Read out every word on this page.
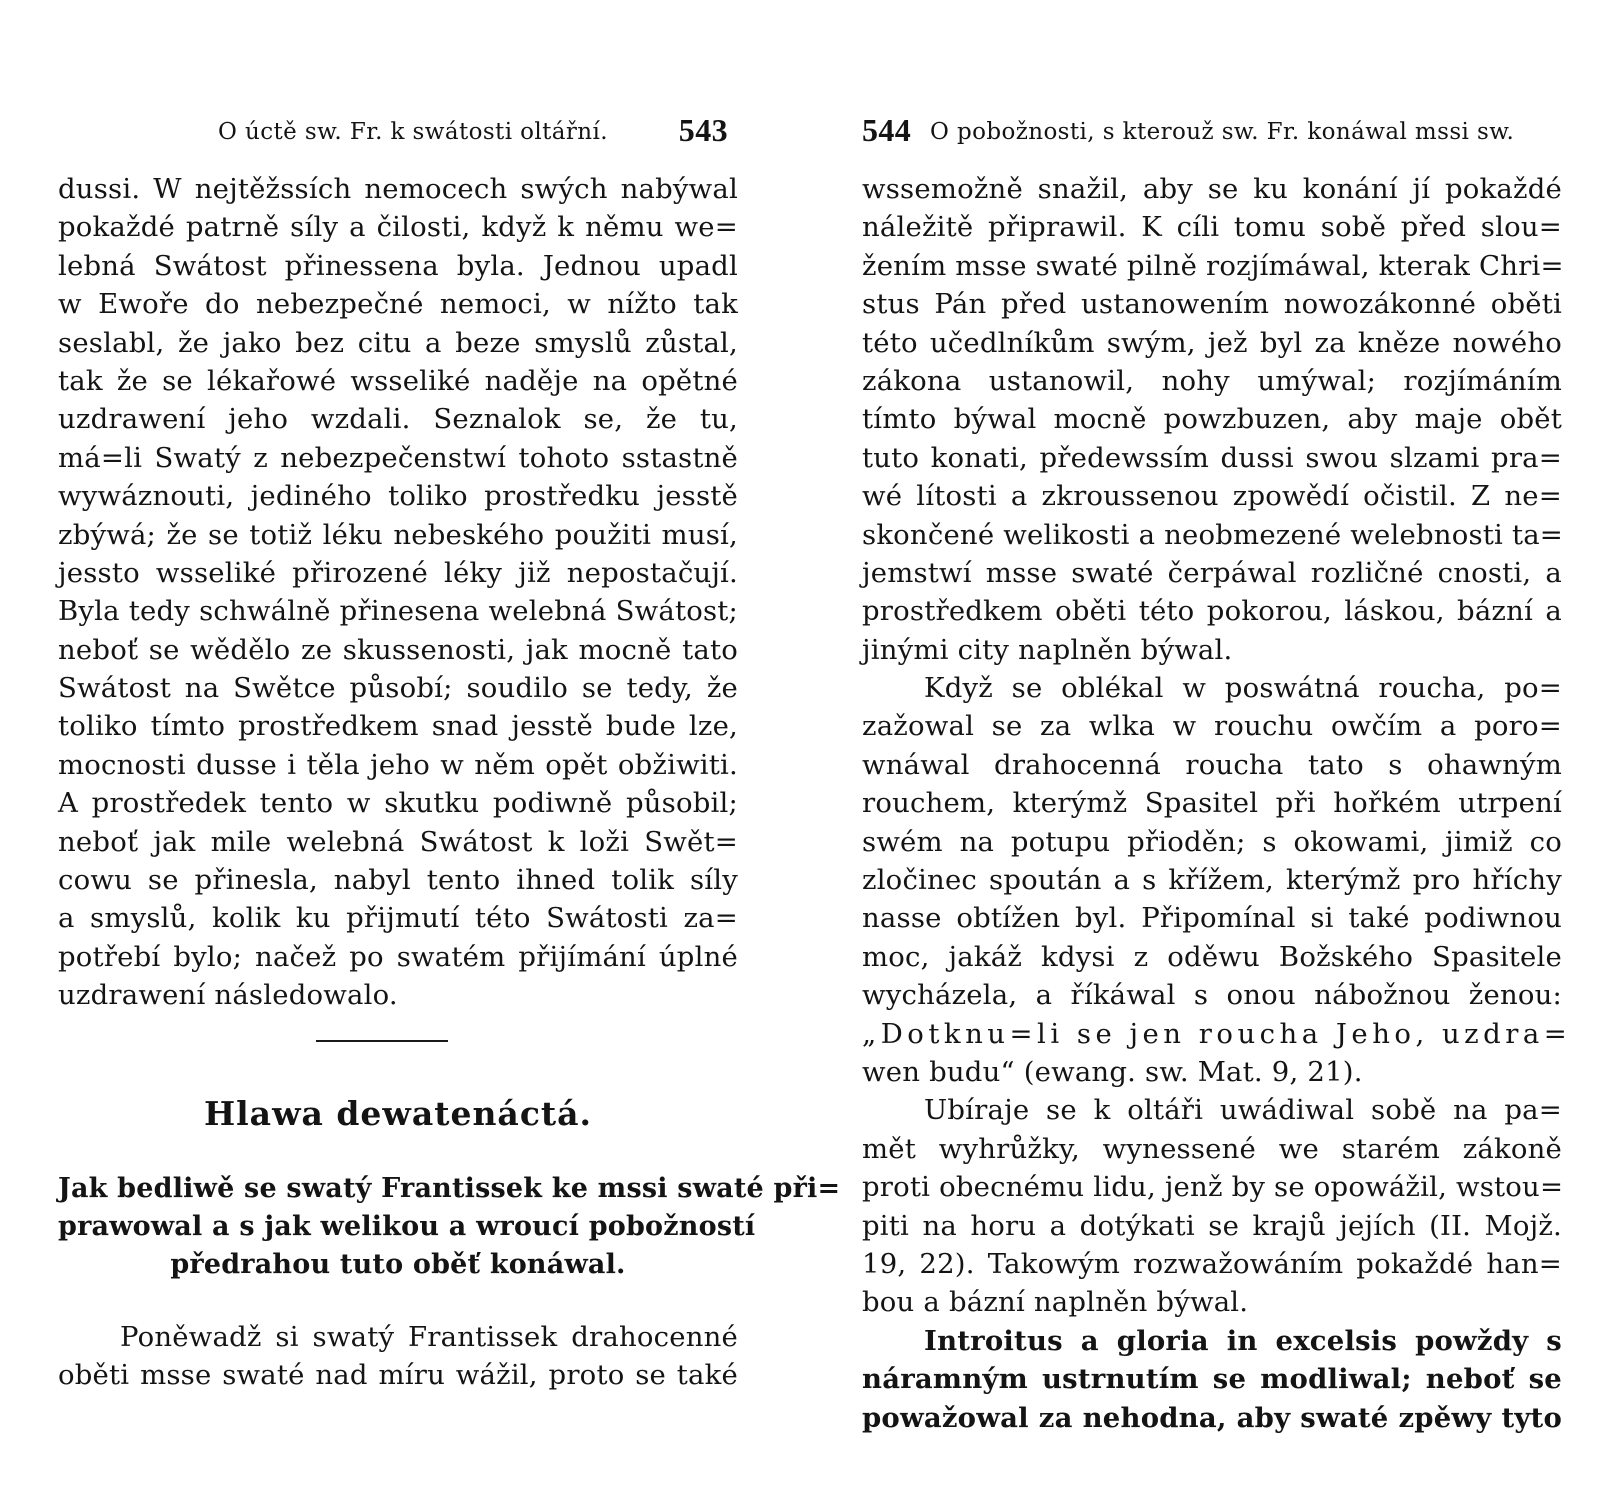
O úctě sw. Fr. k swátosti oltářní. 543
dussi. W nejtěžssích nemocech swých nabýwal
pokaždé patrně síly a čilosti, když k němu we=
lebná Swátost přinessena byla. Jednou upadl
w Ewoře do nebezpečné nemoci, w nížto tak
seslabl, že jako bez citu a beze smyslů zůstal,
tak že se lékařowé wsseliké naděje na opětné
uzdrawení jeho wzdali. Seznalok se, že tu,
má=li Swatý z nebezpečenstwí tohoto sstastně
wywáznouti, jediného toliko prostředku jesstě
zbýwá; že se totiž léku nebeského použiti musí,
jessto wsseliké přirozené léky již nepostačují.
Byla tedy schwálně přinesena welebná Swátost;
neboť se wědělo ze skussenosti, jak mocně tato
Swátost na Swětce působí; soudilo se tedy, že
toliko tímto prostředkem snad jesstě bude lze,
mocnosti dusse i těla jeho w něm opět obžiwiti.
A prostředek tento w skutku podiwně působil;
neboť jak mile welebná Swátost k loži Swět=
cowu se přinesla, nabyl tento ihned tolik síly
a smyslů, kolik ku přijmutí této Swátosti za=
potřebí bylo; načež po swatém přijímání úplné
uzdrawení následowalo.
Hlawa dewatenáctá.
Jak bedliwě se swatý Frantissek ke mssi swaté při=
prawowal a s jak welikou a wroucí pobožností
předrahou tuto oběť konáwal.
Poněwadž si swatý Frantissek drahocenné
oběti msse swaté nad míru wážil, proto se také
544 O pobožnosti, s kterouž sw. Fr. konáwal mssi sw.
wssemožně snažil, aby se ku konání jí pokaždé
náležitě připrawil. K cíli tomu sobě před slou=
žením msse swaté pilně rozjímáwal, kterak Chri=
stus Pán před ustanowením nowozákonné oběti
této učedlníkům swým, jež byl za kněze nowého
zákona ustanowil, nohy umýwal; rozjímáním
tímto býwal mocně powzbuzen, aby maje obět
tuto konati, předewssím dussi swou slzami pra=
wé lítosti a zkroussenou zpowědí očistil. Z ne=
skončené welikosti a neobmezené welebnosti ta=
jemstwí msse swaté čerpáwal rozličné cnosti, a
prostředkem oběti této pokorou, láskou, bázní a
jinými city naplněn býwal.
Když se oblékal w poswátná roucha, po=
zažowal se za wlka w rouchu owčím a poro=
wnáwal drahocenná roucha tato s ohawným
rouchem, kterýmž Spasitel při hořkém utrpení
swém na potupu přioděn; s okowami, jimiž co
zločinec spoután a s křížem, kterýmž pro hříchy
nasse obtížen byl. Připomínal si také podiwnou
moc, jakáž kdysi z oděwu Božského Spasitele
wycházela, a říkáwal s onou nábožnou ženou:
„Dotknu=li se jen roucha Jeho, uzdra=
wen budu“ (ewang. sw. Mat. 9, 21).
Ubíraje se k oltáři uwádiwal sobě na pa=
mět wyhrůžky, wynessené we starém zákoně
proti obecnému lidu, jenž by se opowážil, wstou=
piti na horu a dotýkati se krajů jejích (II. Mojž.
19, 22). Takowým rozwažowáním pokaždé han=
bou a bázní naplněn býwal.
Introitus a gloria in excelsis powždy s
náramným ustrnutím se modliwal; neboť se
powažowal za nehodna, aby swaté zpěwy tyto
